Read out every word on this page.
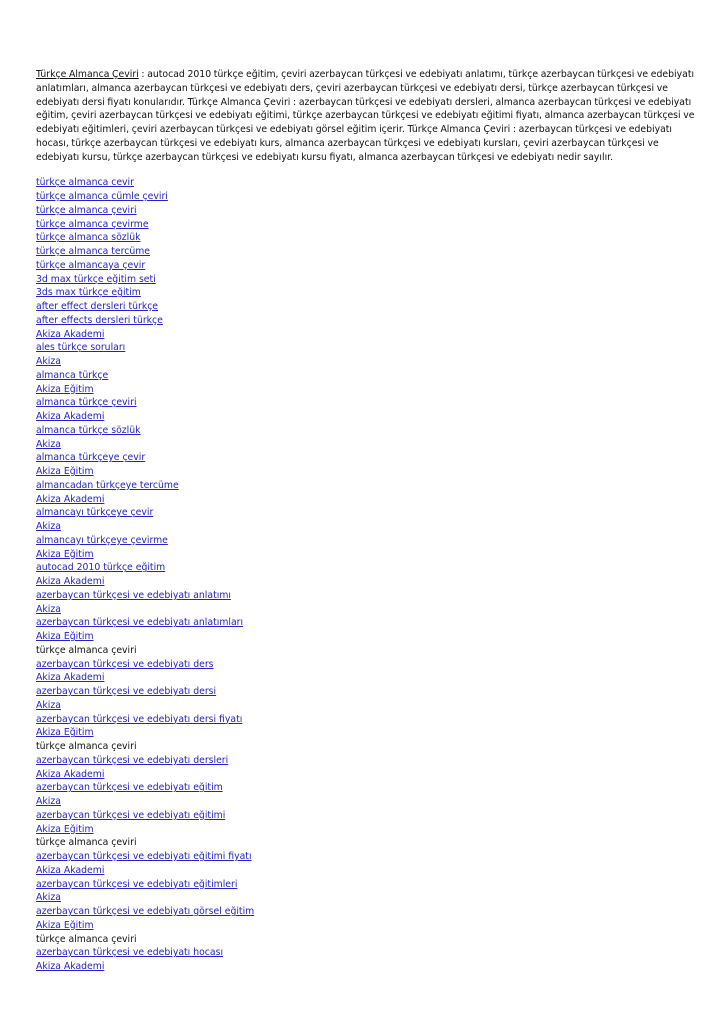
Türkçe Almanca Çeviri : autocad 2010 türkçe eğitim, çeviri azerbaycan türkçesi ve edebiyatı anlatımı, türkçe azerbaycan türkçesi ve edebiyatı anlatımları, almanca azerbaycan türkçesi ve edebiyatı ders, çeviri azerbaycan türkçesi ve edebiyatı dersi, türkçe azerbaycan türkçesi ve edebiyatı dersi fiyatı konularıdır. Türkçe Almanca Çeviri : azerbaycan türkçesi ve edebiyatı dersleri, almanca azerbaycan türkçesi ve edebiyatı eğitim, çeviri azerbaycan türkçesi ve edebiyatı eğitimi, türkçe azerbaycan türkçesi ve edebiyatı eğitimi fiyatı, almanca azerbaycan türkçesi ve edebiyatı eğitimleri, çeviri azerbaycan türkçesi ve edebiyatı görsel eğitim içerir. Türkçe Almanca Çeviri : azerbaycan türkçesi ve edebiyatı hocası, türkçe azerbaycan türkçesi ve edebiyatı kurs, almanca azerbaycan türkçesi ve edebiyatı kursları, çeviri azerbaycan türkçesi ve edebiyatı kursu, türkçe azerbaycan türkçesi ve edebiyatı kursu fiyatı, almanca azerbaycan türkçesi ve edebiyatı nedir sayılır.

türkçe almanca cevir
türkçe almanca cümle çeviri
türkçe almanca çeviri
türkçe almanca çevirme
türkçe almanca sözlük
türkçe almanca tercüme
türkçe almancaya çevir
3d max türkçe eğitim seti
3ds max türkçe eğitim
after effect dersleri türkçe
after effects dersleri türkçe
Akiza Akademi
ales türkçe soruları
Akiza
almanca türkçe
Akiza Eğitim
almanca türkçe çeviri
Akiza Akademi
almanca türkçe sözlük
Akiza
almanca türkçeye çevir
Akiza Eğitim
almancadan türkçeye tercüme
Akiza Akademi
almancayı türkçeye çevir
Akiza
almancayı türkçeye çevirme
Akiza Eğitim
autocad 2010 türkçe eğitim
Akiza Akademi
azerbaycan türkçesi ve edebiyatı anlatımı
Akiza
azerbaycan türkçesi ve edebiyatı anlatımları
Akiza Eğitim
türkçe almanca çeviri
azerbaycan türkçesi ve edebiyatı ders
Akiza Akademi
azerbaycan türkçesi ve edebiyatı dersi
Akiza
azerbaycan türkçesi ve edebiyatı dersi fiyatı
Akiza Eğitim
türkçe almanca çeviri
azerbaycan türkçesi ve edebiyatı dersleri
Akiza Akademi
azerbaycan türkçesi ve edebiyatı eğitim
Akiza
azerbaycan türkçesi ve edebiyatı eğitimi
Akiza Eğitim
türkçe almanca çeviri
azerbaycan türkçesi ve edebiyatı eğitimi fiyatı
Akiza Akademi
azerbaycan türkçesi ve edebiyatı eğitimleri
Akiza
azerbaycan türkçesi ve edebiyatı görsel eğitim
Akiza Eğitim
türkçe almanca çeviri
azerbaycan türkçesi ve edebiyatı hocası
Akiza Akademi
